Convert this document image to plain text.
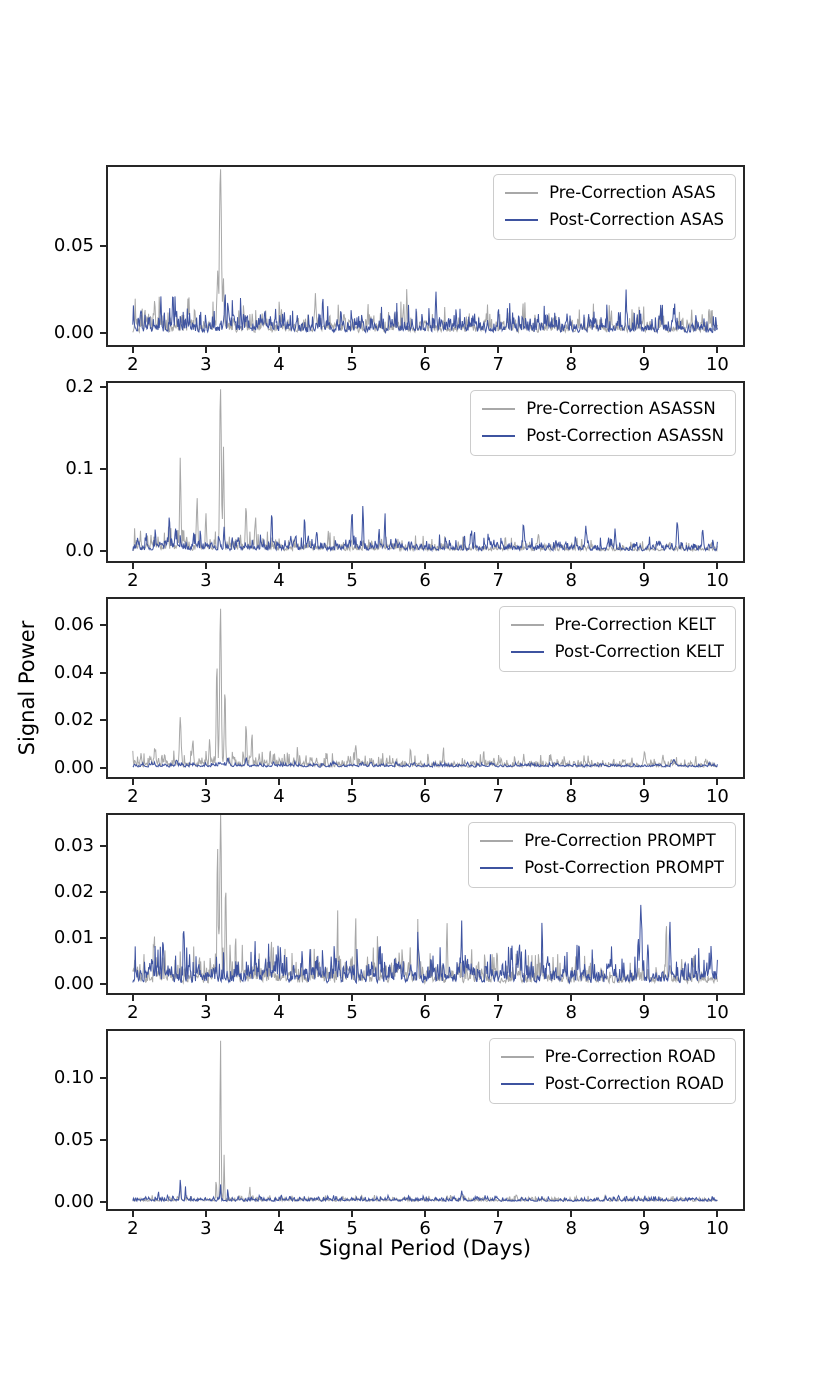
Signal Power
Signal Period (Days)
2	3	4	5	6	7	8	9	10
0.00
0.05
Pre-Correction ASAS
Post-Correction ASAS
2	3	4	5	6	7	8	9	10
0.0
0.1
0.2
Pre-Correction ASASSN
Post-Correction ASASSN
2	3	4	5	6	7	8	9	10
0.00
0.02
0.04
0.06	Pre-Correction KELT
Post-Correction KELT
2	3	4	5	6	7	8	9	10
0.00
0.01
0.02
0.03	Pre-Correction PROMPT
Post-Correction PROMPT
2	3	4	5	6	7	8	9	10
0.00
0.05
0.10
Pre-Correction ROAD
Post-Correction ROAD
